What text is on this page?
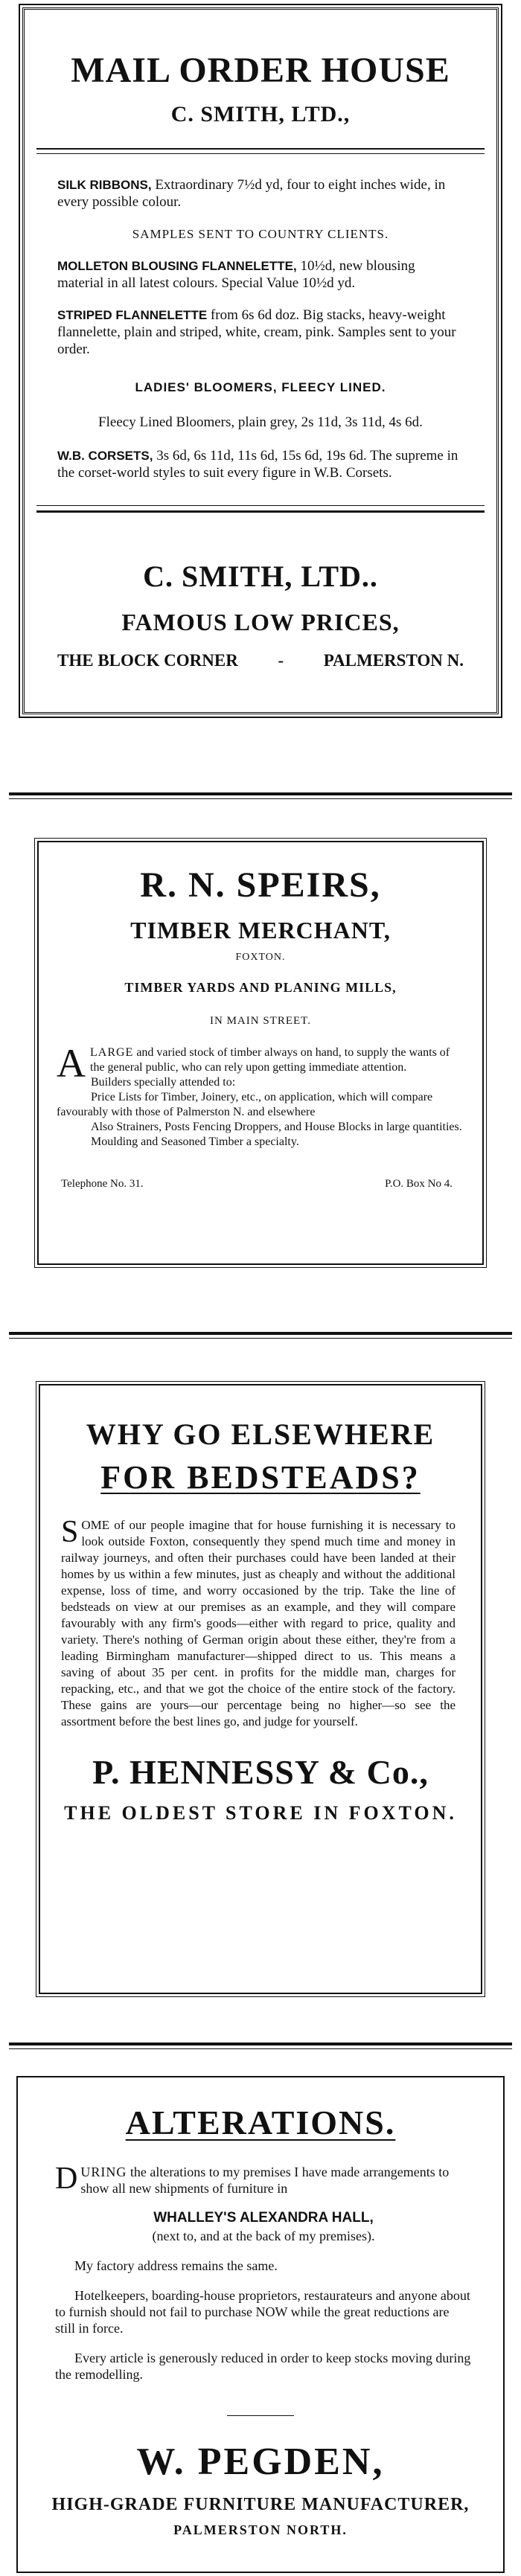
MAIL ORDER HOUSE
C. SMITH, LTD.,

SILK RIBBONS, Extraordinary 7½d yd, four to eight inches wide, in every possible colour.

SAMPLES SENT TO COUNTRY CLIENTS.

MOLLETON BLOUSING FLANNELETTE, 10½d, new blousing material in all latest colours. Special Value 10½d yd.

STRIPED FLANNELETTE from 6s 6d doz. Big stacks, heavy-weight flannelette, plain and striped, white, cream, pink. Samples sent to your order.

LADIES' BLOOMERS, FLEECY LINED.

Fleecy Lined Bloomers, plain grey, 2s 11d, 3s 11d, 4s 6d.

W.B. CORSETS, 3s 6d, 6s 11d, 11s 6d, 15s 6d, 19s 6d. The supreme in the corset-world styles to suit every figure in W.B. Corsets.

C. SMITH, LTD..
FAMOUS LOW PRICES,
THE BLOCK CORNER - PALMERSTON N.
R. N. SPEIRS,
TIMBER MERCHANT,
FOXTON.
TIMBER YARDS AND PLANING MILLS,
IN MAIN STREET.

ALARGE and varied stock of timber always on hand, to supply the wants of the general public, who can rely upon getting immediate attention.

Builders specially attended to:

Price Lists for Timber, Joinery, etc., on application, which will compare favourably with those of Palmerston N. and elsewhere

Also Strainers, Posts Fencing Droppers, and House Blocks in large quantities.

Moulding and Seasoned Timber a specialty.

Telephone No. 31.	P.O. Box No 4.
WHY GO ELSEWHERE
FOR BEDSTEADS?

SOME of our people imagine that for house furnishing it is necessary to look outside Foxton, consequently they spend much time and money in railway journeys, and often their purchases could have been landed at their homes by us within a few minutes, just as cheaply and without the additional expense, loss of time, and worry occasioned by the trip. Take the line of bedsteads on view at our premises as an example, and they will compare favourably with any firm's goods—either with regard to price, quality and variety. There's nothing of German origin about these either, they're from a leading Birmingham manufacturer—shipped direct to us. This means a saving of about 35 per cent. in profits for the middle man, charges for repacking, etc., and that we got the choice of the entire stock of the factory. These gains are yours—our percentage being no higher—so see the assortment before the best lines go, and judge for yourself.

P. HENNESSY & Co.,
THE OLDEST STORE IN FOXTON.
ALTERATIONS.

DURING the alterations to my premises I have made arrangements to show all new shipments of furniture in

WHALLEY'S ALEXANDRA HALL,

(next to, and at the back of my premises).

My factory address remains the same.

Hotelkeepers, boarding-house proprietors, restaurateurs and anyone about to furnish should not fail to purchase NOW while the great reductions are still in force.

Every article is generously reduced in order to keep stocks moving during the remodelling.

W. PEGDEN,
HIGH-GRADE FURNITURE MANUFACTURER,
PALMERSTON NORTH.
